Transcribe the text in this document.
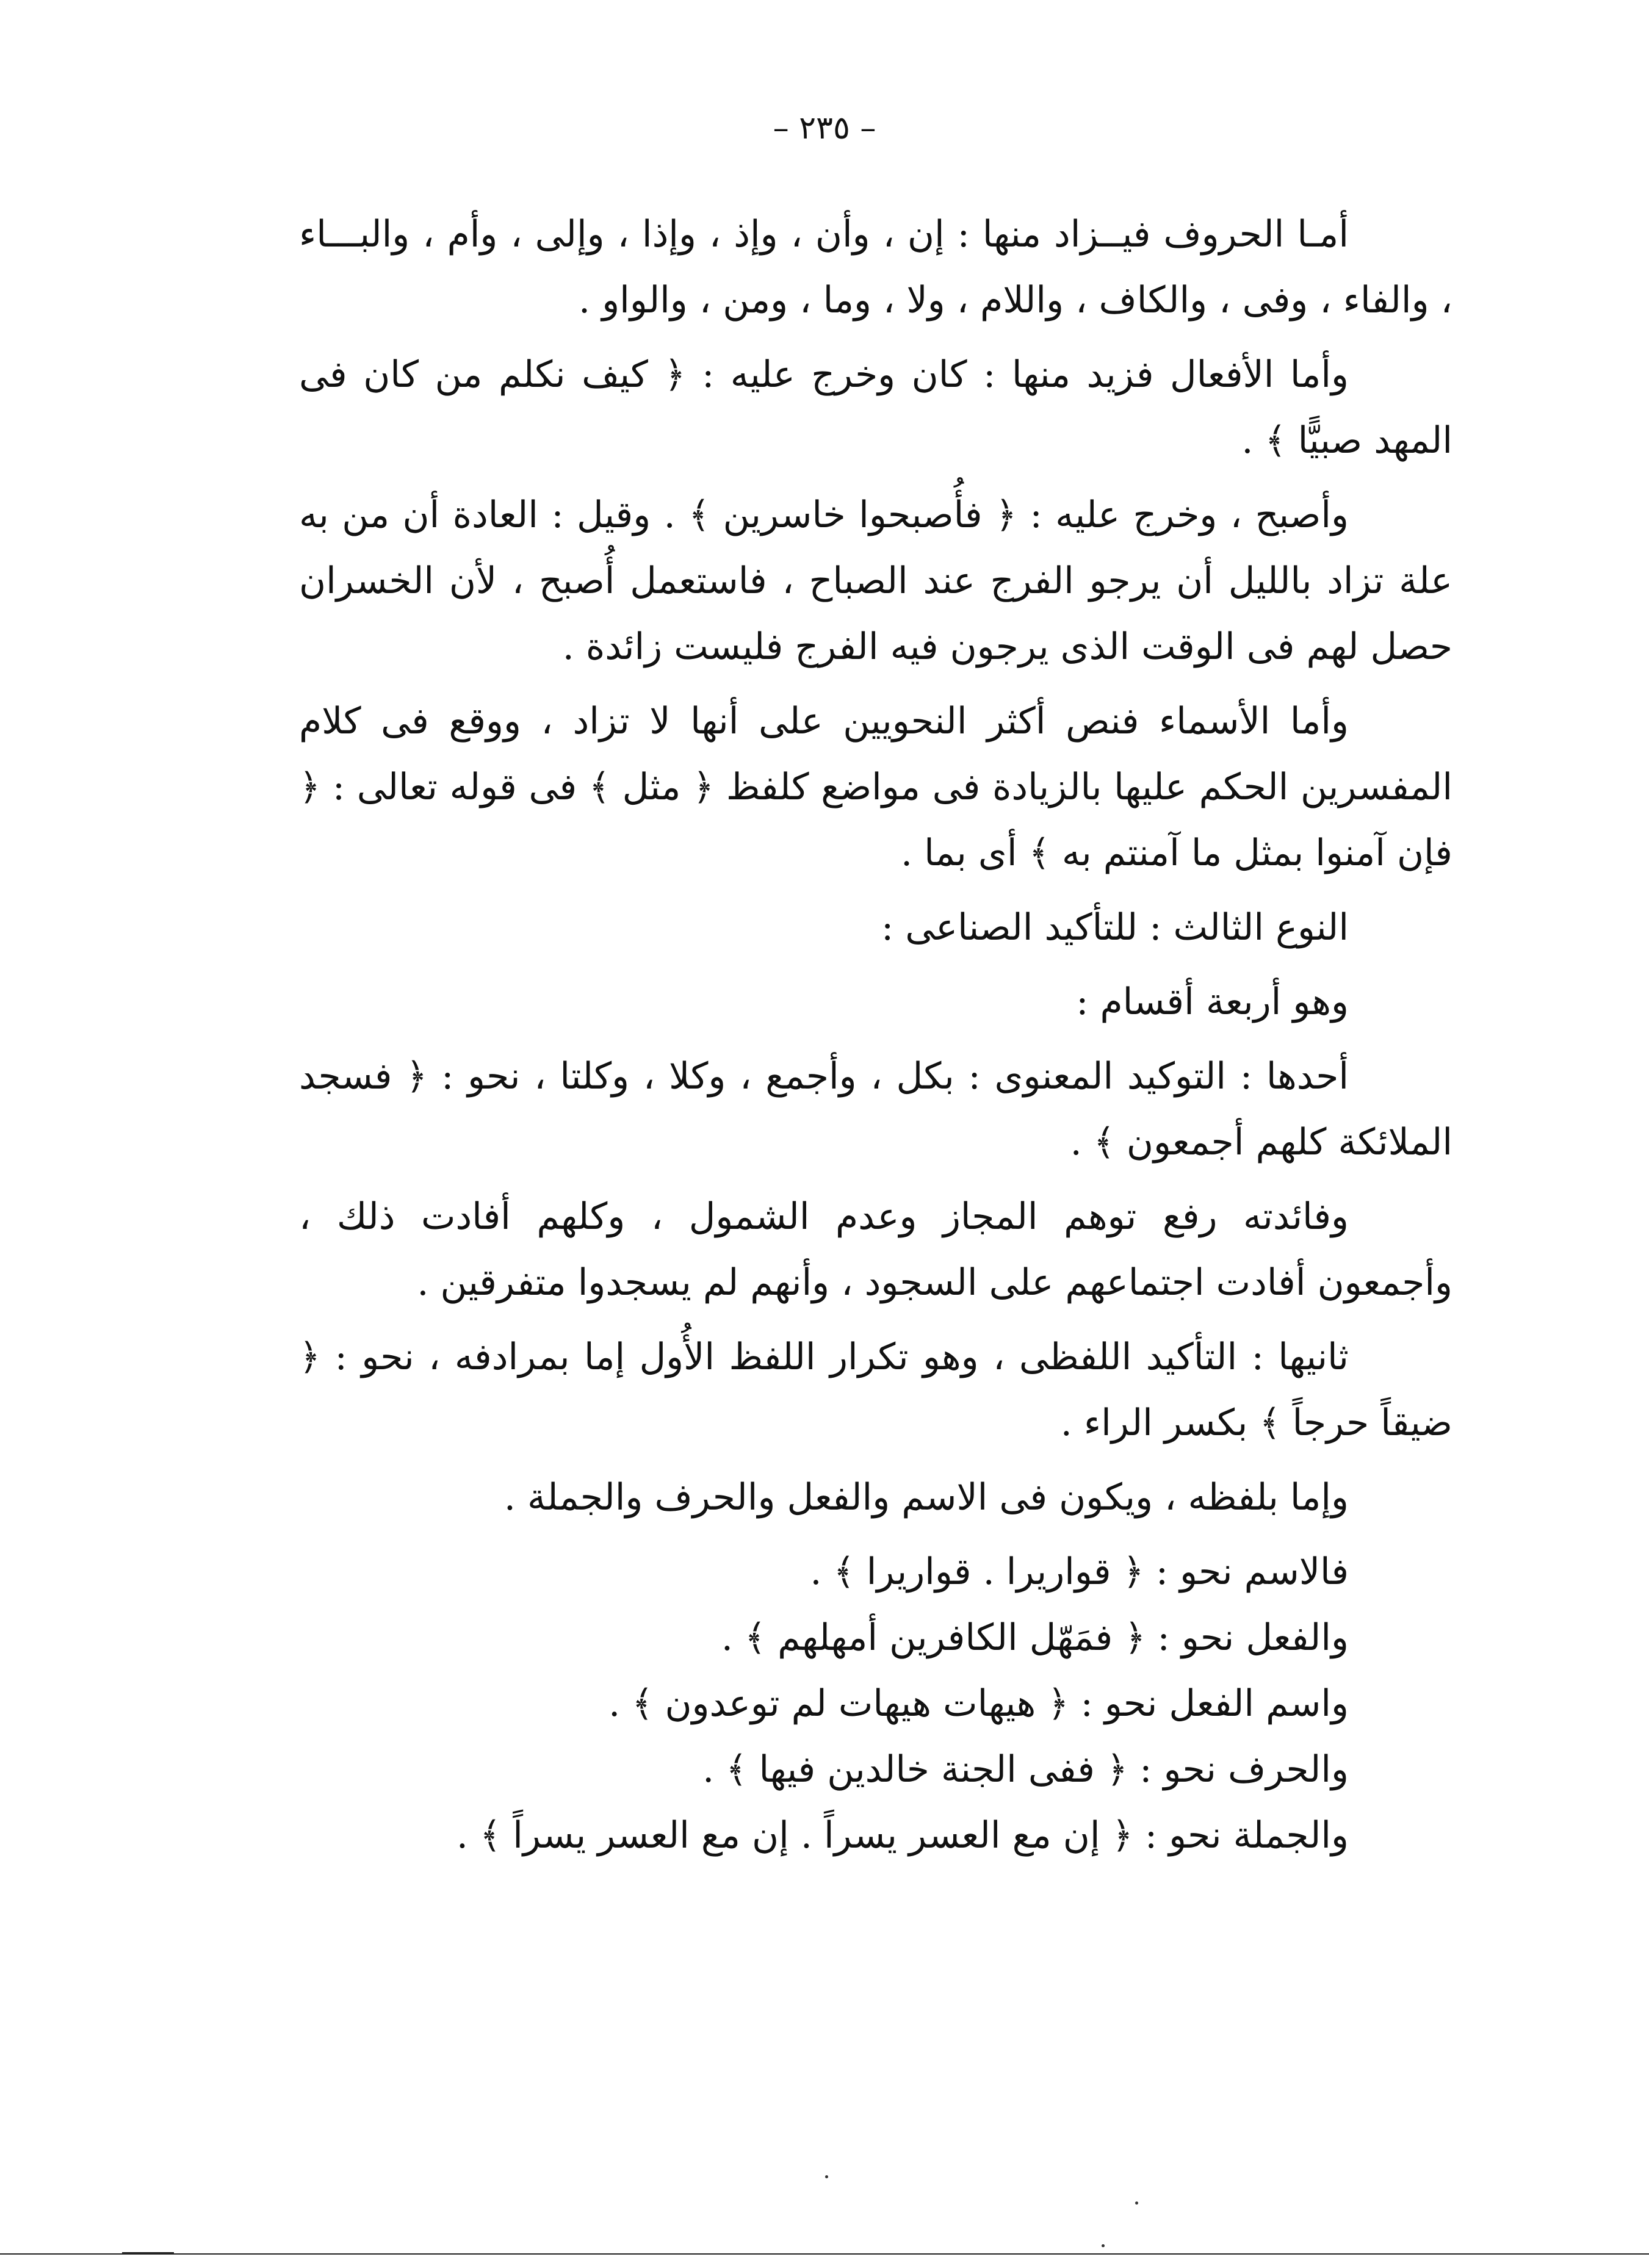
– ٢٣٥ –

أمـا الحروف فيــزاد منها : إن ، وأن ، وإذ ، وإذا ، وإلى ، وأم ، والبـــاء ، والفاء ، وفى ، والكاف ، واللام ، ولا ، وما ، ومن ، والواو .

وأما الأفعال فزيد منها : كان وخرج عليه : ﴿ كيف نكلم من كان فى المهد صبيًّا ﴾ .

وأصبح ، وخرج عليه : ﴿ فأُصبحوا خاسرين ﴾ . وقيل : العادة أن من به علة تزاد بالليل أن يرجو الفرج عند الصباح ، فاستعمل أُصبح ، لأن الخسران حصل لهم فى الوقت الذى يرجون فيه الفرج فليست زائدة .

وأما الأسماء فنص أكثر النحويين على أنها لا تزاد ، ووقع فى كلام المفسرين الحكم عليها بالزيادة فى مواضع كلفظ ﴿ مثل ﴾ فى قوله تعالى : ﴿ فإن آمنوا بمثل ما آمنتم به ﴾ أى بما .

النوع الثالث : للتأكيد الصناعى :

وهو أربعة أقسام :

أحدها : التوكيد المعنوى : بكل ، وأجمع ، وكلا ، وكلتا ، نحو : ﴿ فسجد الملائكة كلهم أجمعون ﴾ .

وفائدته رفع توهم المجاز وعدم الشمول ، وكلهم أفادت ذلك ، وأجمعون أفادت اجتماعهم على السجود ، وأنهم لم يسجدوا متفرقين .

ثانيها : التأكيد اللفظى ، وهو تكرار اللفظ الأُول إما بمرادفه ، نحو : ﴿ ضيقاً حرجاً ﴾ بكسر الراء .

وإما بلفظه ، ويكون فى الاسم والفعل والحرف والجملة .

فالاسم نحو : ﴿ قواريرا . قواريرا ﴾ .
والفعل نحو : ﴿ فمَهّل الكافرين أمهلهم ﴾ .
واسم الفعل نحو : ﴿ هيهات هيهات لم توعدون ﴾ .
والحرف نحو : ﴿ ففى الجنة خالدين فيها ﴾ .
والجملة نحو : ﴿ إن مع العسر يسراً . إن مع العسر يسراً ﴾ .
